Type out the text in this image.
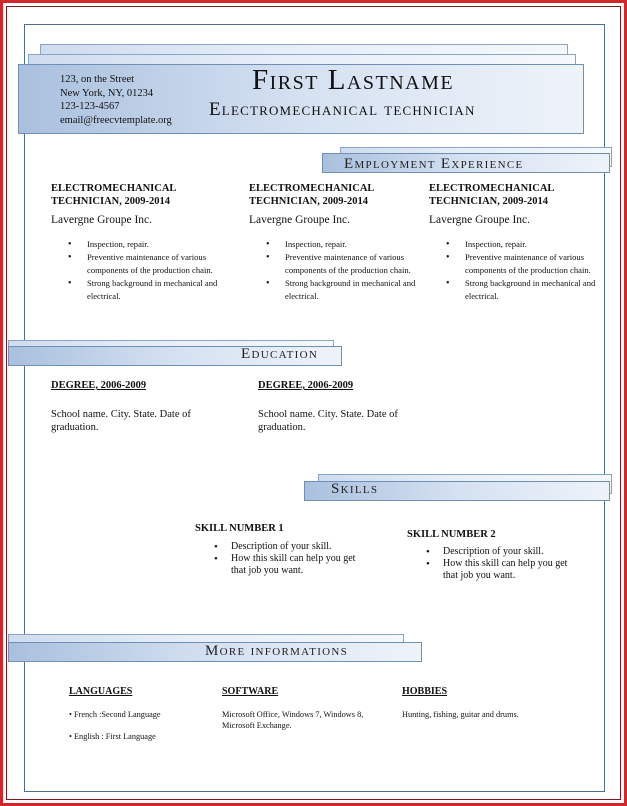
123, on the Street
New York, NY, 01234
123-123-4567
email@freecvtemplate.org
First Lastname
Electromechanical technician
Employment Experience
ELECTROMECHANICAL
TECHNICIAN, 2009-2014
Lavergne Groupe Inc.
• Inspection, repair.
• Preventive maintenance of various components of the production chain.
• Strong background in mechanical and electrical.
ELECTROMECHANICAL
TECHNICIAN, 2009-2014
Lavergne Groupe Inc.
• Inspection, repair.
• Preventive maintenance of various components of the production chain.
• Strong background in mechanical and electrical.
ELECTROMECHANICAL
TECHNICIAN, 2009-2014
Lavergne Groupe Inc.
• Inspection, repair.
• Preventive maintenance of various components of the production chain.
• Strong background in mechanical and electrical.
Education
DEGREE, 2006-2009
School name. City. State. Date of graduation.
DEGREE, 2006-2009
School name. City. State. Date of graduation.
Skills
SKILL NUMBER 1
• Description of your skill.
• How this skill can help you get that job you want.
SKILL NUMBER 2
• Description of your skill.
• How this skill can help you get that job you want.
More informations
LANGUAGES
• French :Second Language
• English : First Language
SOFTWARE
Microsoft Office, Windows 7, Windows 8, Microsoft Exchange.
HOBBIES
Hunting, fishing, guitar and drums.
